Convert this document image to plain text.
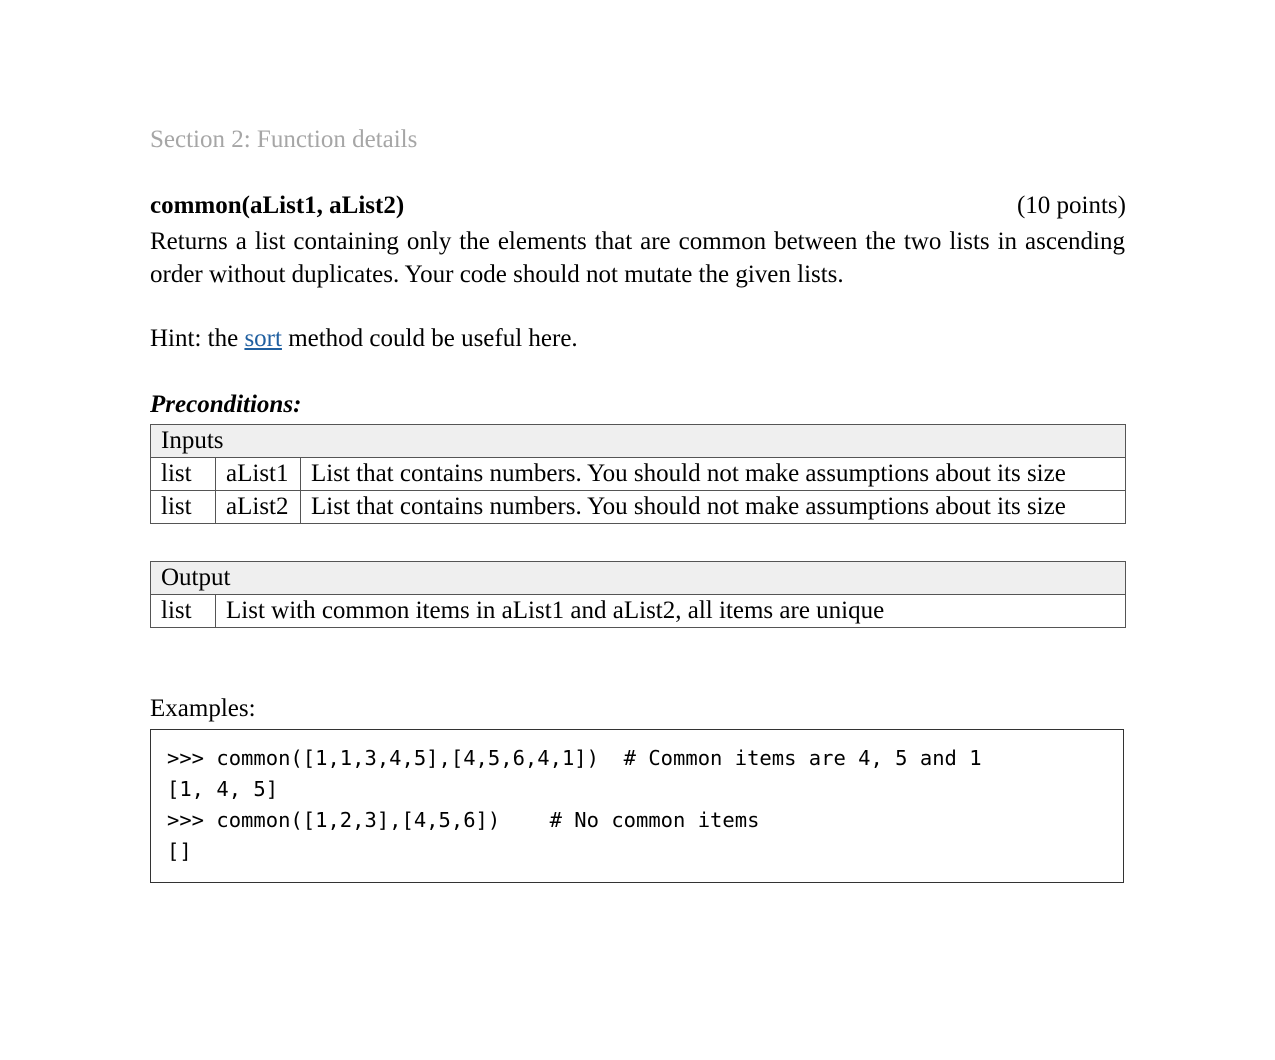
Section 2: Function details
common(aList1, aList2)	(10 points)
Returns a list containing only the elements that are common between the two lists in ascending order without duplicates. Your code should not mutate the given lists.
Hint: the sort method could be useful here.
Preconditions:
Inputs		
list	aList1	List that contains numbers. You should not make assumptions about its size
list	aList2	List that contains numbers. You should not make assumptions about its size
Output
list	List with common items in aList1 and aList2, all items are unique
Examples:
>>> common([1,1,3,4,5],[4,5,6,4,1])  # Common items are 4, 5 and 1
[1, 4, 5]
>>> common([1,2,3],[4,5,6])    # No common items
[]
